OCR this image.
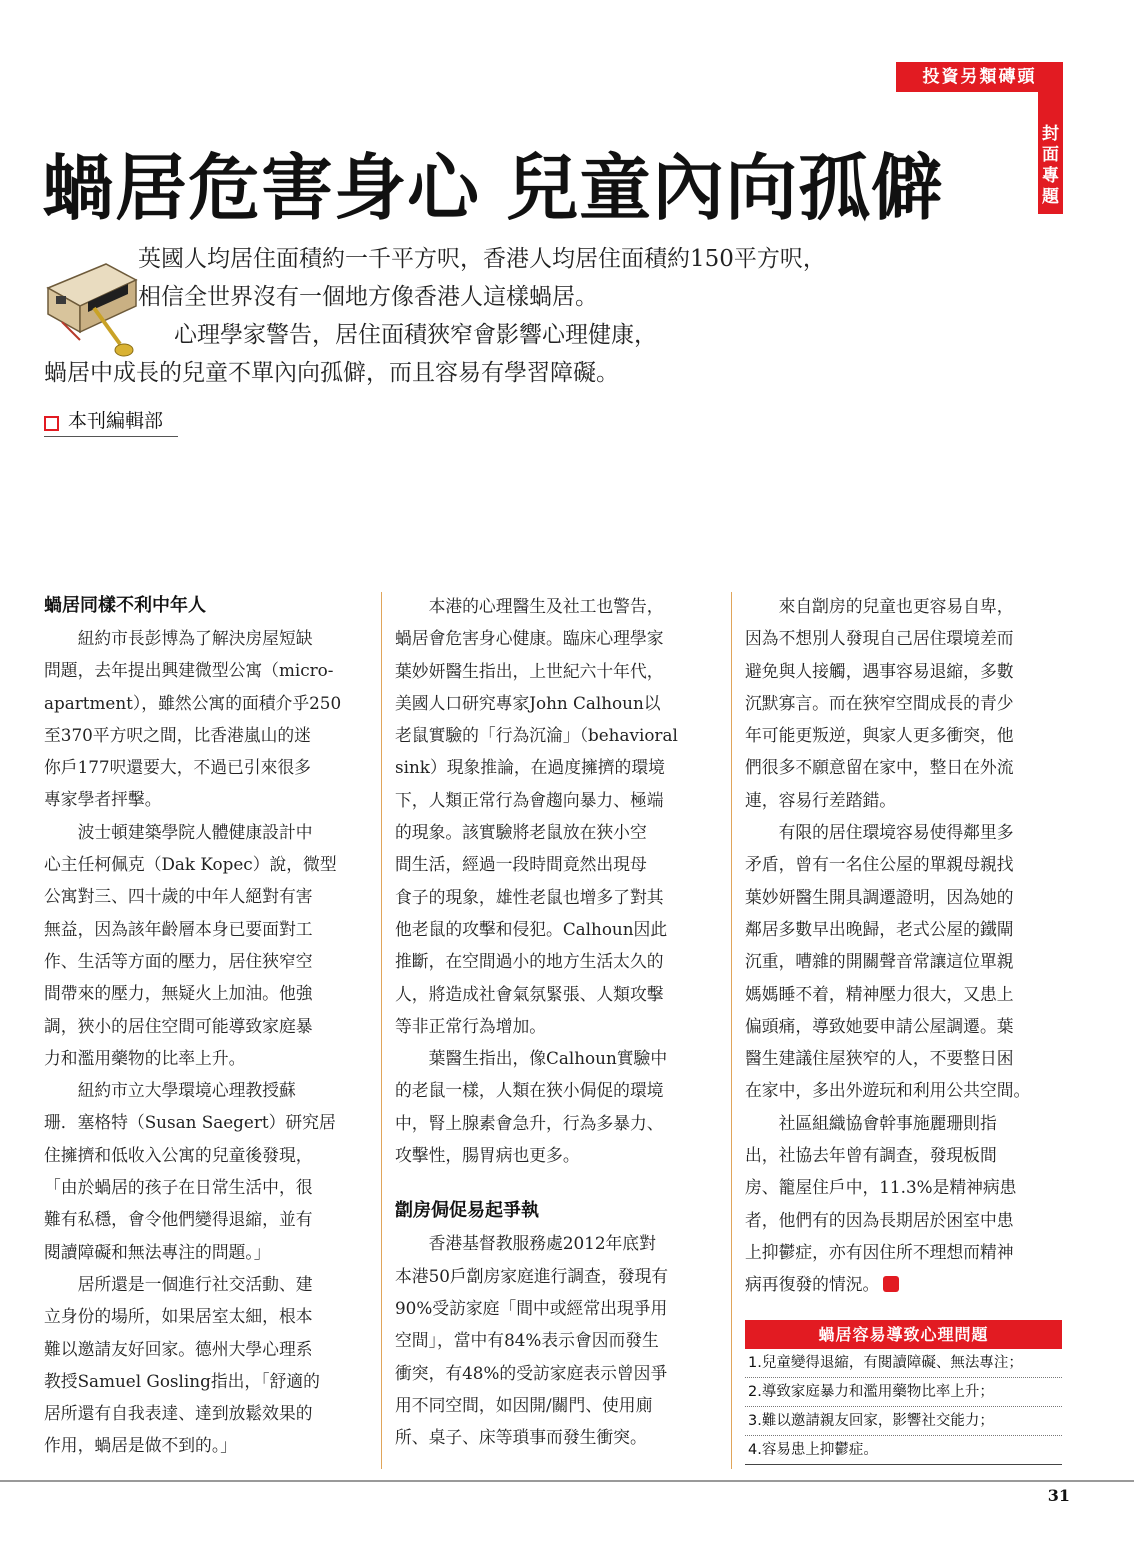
投資另類磚頭
封面專題
蝸居危害身心 兒童內向孤僻
英國人均居住面積約一千平方呎，香港人均居住面積約150平方呎，
相信全世界沒有一個地方像香港人這樣蝸居。
心理學家警告，居住面積狹窄會影響心理健康，
蝸居中成長的兒童不單內向孤僻，而且容易有學習障礙。
本刊編輯部
蝸居同樣不利中年人
　　紐約市長彭博為了解決房屋短缺
問題，去年提出興建微型公寓（micro-
apartment），雖然公寓的面積介乎250
至370平方呎之間，比香港嵐山的迷
你戶177呎還要大，不過已引來很多
專家學者抨擊。
　　波士頓建築學院人體健康設計中
心主任柯佩克（Dak Kopec）說，微型
公寓對三、四十歲的中年人絕對有害
無益，因為該年齡層本身已要面對工
作、生活等方面的壓力，居住狹窄空
間帶來的壓力，無疑火上加油。他強
調，狹小的居住空間可能導致家庭暴
力和濫用藥物的比率上升。
　　紐約市立大學環境心理教授蘇
珊．塞格特（Susan Saegert）研究居
住擁擠和低收入公寓的兒童後發現，
「由於蝸居的孩子在日常生活中，很
難有私穩，會令他們變得退縮，並有
閱讀障礙和無法專注的問題。」
　　居所還是一個進行社交活動、建
立身份的場所，如果居室太細，根本
難以邀請友好回家。德州大學心理系
教授Samuel Gosling指出，「舒適的
居所還有自我表達、達到放鬆效果的
作用，蝸居是做不到的。」
　　本港的心理醫生及社工也警告，
蝸居會危害身心健康。臨床心理學家
葉妙妍醫生指出，上世紀六十年代，
美國人口研究專家John Calhoun以
老鼠實驗的「行為沉淪」（behavioral
sink）現象推論，在過度擁擠的環境
下，人類正常行為會趨向暴力、極端
的現象。該實驗將老鼠放在狹小空
間生活，經過一段時間竟然出現母
食子的現象，雄性老鼠也增多了對其
他老鼠的攻擊和侵犯。Calhoun因此
推斷，在空間過小的地方生活太久的
人，將造成社會氣氛緊張、人類攻擊
等非正常行為增加。
　　葉醫生指出，像Calhoun實驗中
的老鼠一樣，人類在狹小侷促的環境
中，腎上腺素會急升，行為多暴力、
攻擊性，腸胃病也更多。
劏房侷促易起爭執
　　香港基督教服務處2012年底對
本港50戶劏房家庭進行調查，發現有
90%受訪家庭「間中或經常出現爭用
空間」，當中有84%表示會因而發生
衝突，有48%的受訪家庭表示曾因爭
用不同空間，如因開/關門、使用廁
所、桌子、床等瑣事而發生衝突。
　　來自劏房的兒童也更容易自卑，
因為不想別人發現自己居住環境差而
避免與人接觸，遇事容易退縮，多數
沉默寡言。而在狹窄空間成長的青少
年可能更叛逆，與家人更多衝突，他
們很多不願意留在家中，整日在外流
連，容易行差踏錯。
　　有限的居住環境容易使得鄰里多
矛盾，曾有一名住公屋的單親母親找
葉妙妍醫生開具調遷證明，因為她的
鄰居多數早出晚歸，老式公屋的鐵閘
沉重，嘈雜的開關聲音常讓這位單親
媽媽睡不着，精神壓力很大，又患上
偏頭痛，導致她要申請公屋調遷。葉
醫生建議住屋狹窄的人，不要整日困
在家中，多出外遊玩和利用公共空間。
　　社區組織協會幹事施麗珊則指
出，社協去年曾有調查，發現板間
房、籠屋住戶中，11.3%是精神病患
者，他們有的因為長期居於困室中患
上抑鬱症，亦有因住所不理想而精神
病再復發的情況。
蝸居容易導致心理問題
1.兒童變得退縮，有閱讀障礙、無法專注；
2.導致家庭暴力和濫用藥物比率上升；
3.難以邀請親友回家，影響社交能力；
4.容易患上抑鬱症。
31
